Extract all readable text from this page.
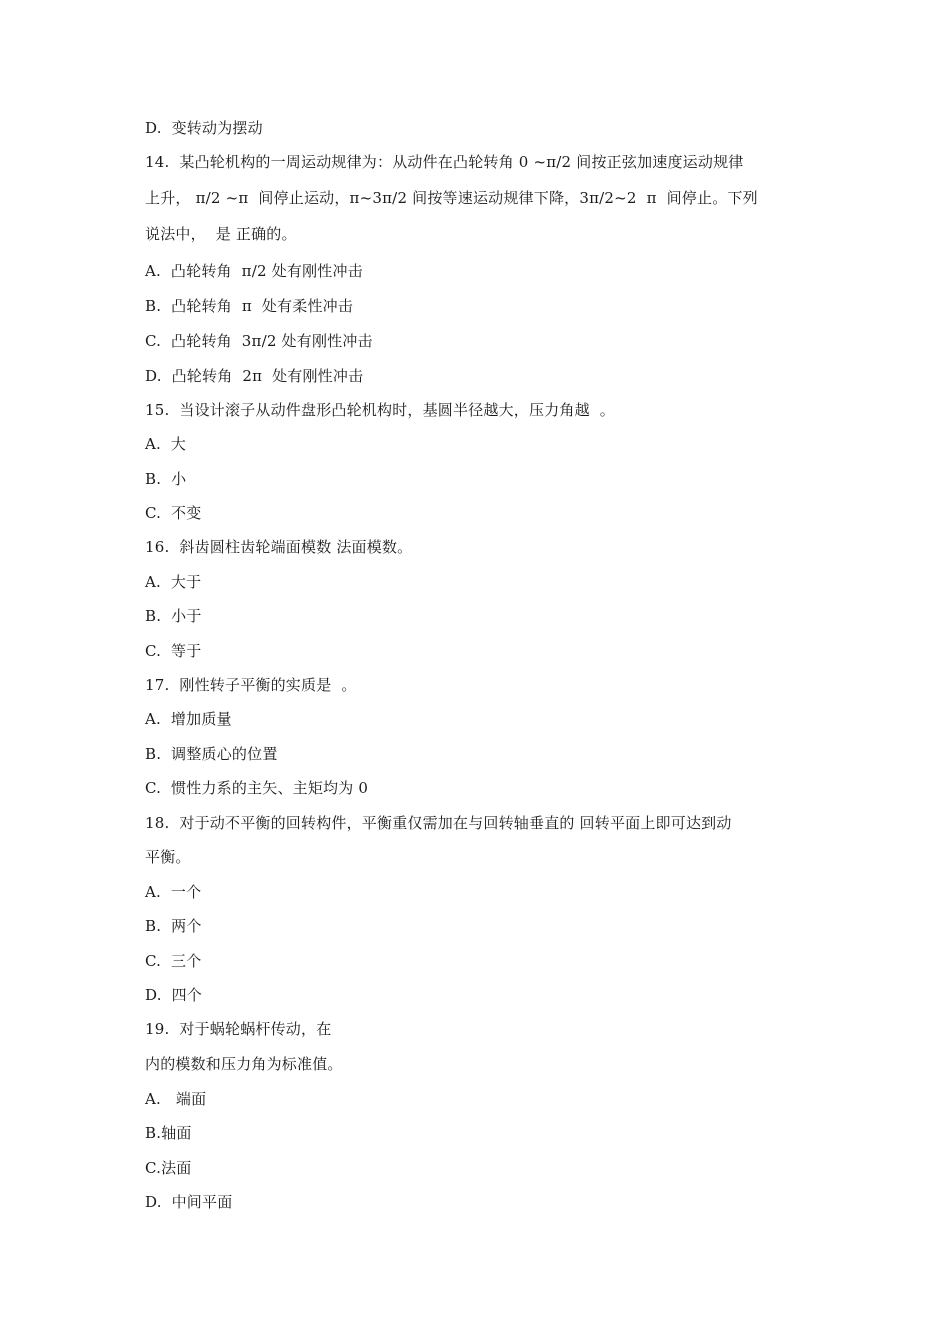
D.  变转动为摆动
14.  某凸轮机构的一周运动规律为：从动件在凸轮转角 0 ~π/2 间按正弦加速度运动规律
上升， π/2 ~π  间停止运动，π~3π/2 间按等速运动规律下降，3π/2~2  π  间停止。下列
说法中，  是 正确的。
A.  凸轮转角  π/2 处有刚性冲击
B.  凸轮转角  π  处有柔性冲击
C.  凸轮转角  3π/2 处有刚性冲击
D.  凸轮转角  2π  处有刚性冲击
15.  当设计滚子从动件盘形凸轮机构时，基圆半径越大，压力角越  。
A.  大
B.  小
C.  不变
16.  斜齿圆柱齿轮端面模数 法面模数。
A.  大于
B.  小于
C.  等于
17.  刚性转子平衡的实质是  。
A.  增加质量
B.  调整质心的位置
C.  惯性力系的主矢、主矩均为 0
18.  对于动不平衡的回转构件，平衡重仅需加在与回转轴垂直的 回转平面上即可达到动
平衡。
A.  一个
B.  两个
C.  三个
D.  四个
19.  对于蜗轮蜗杆传动，在
内的模数和压力角为标准值。
A.   端面
B.轴面
C.法面
D.  中间平面
